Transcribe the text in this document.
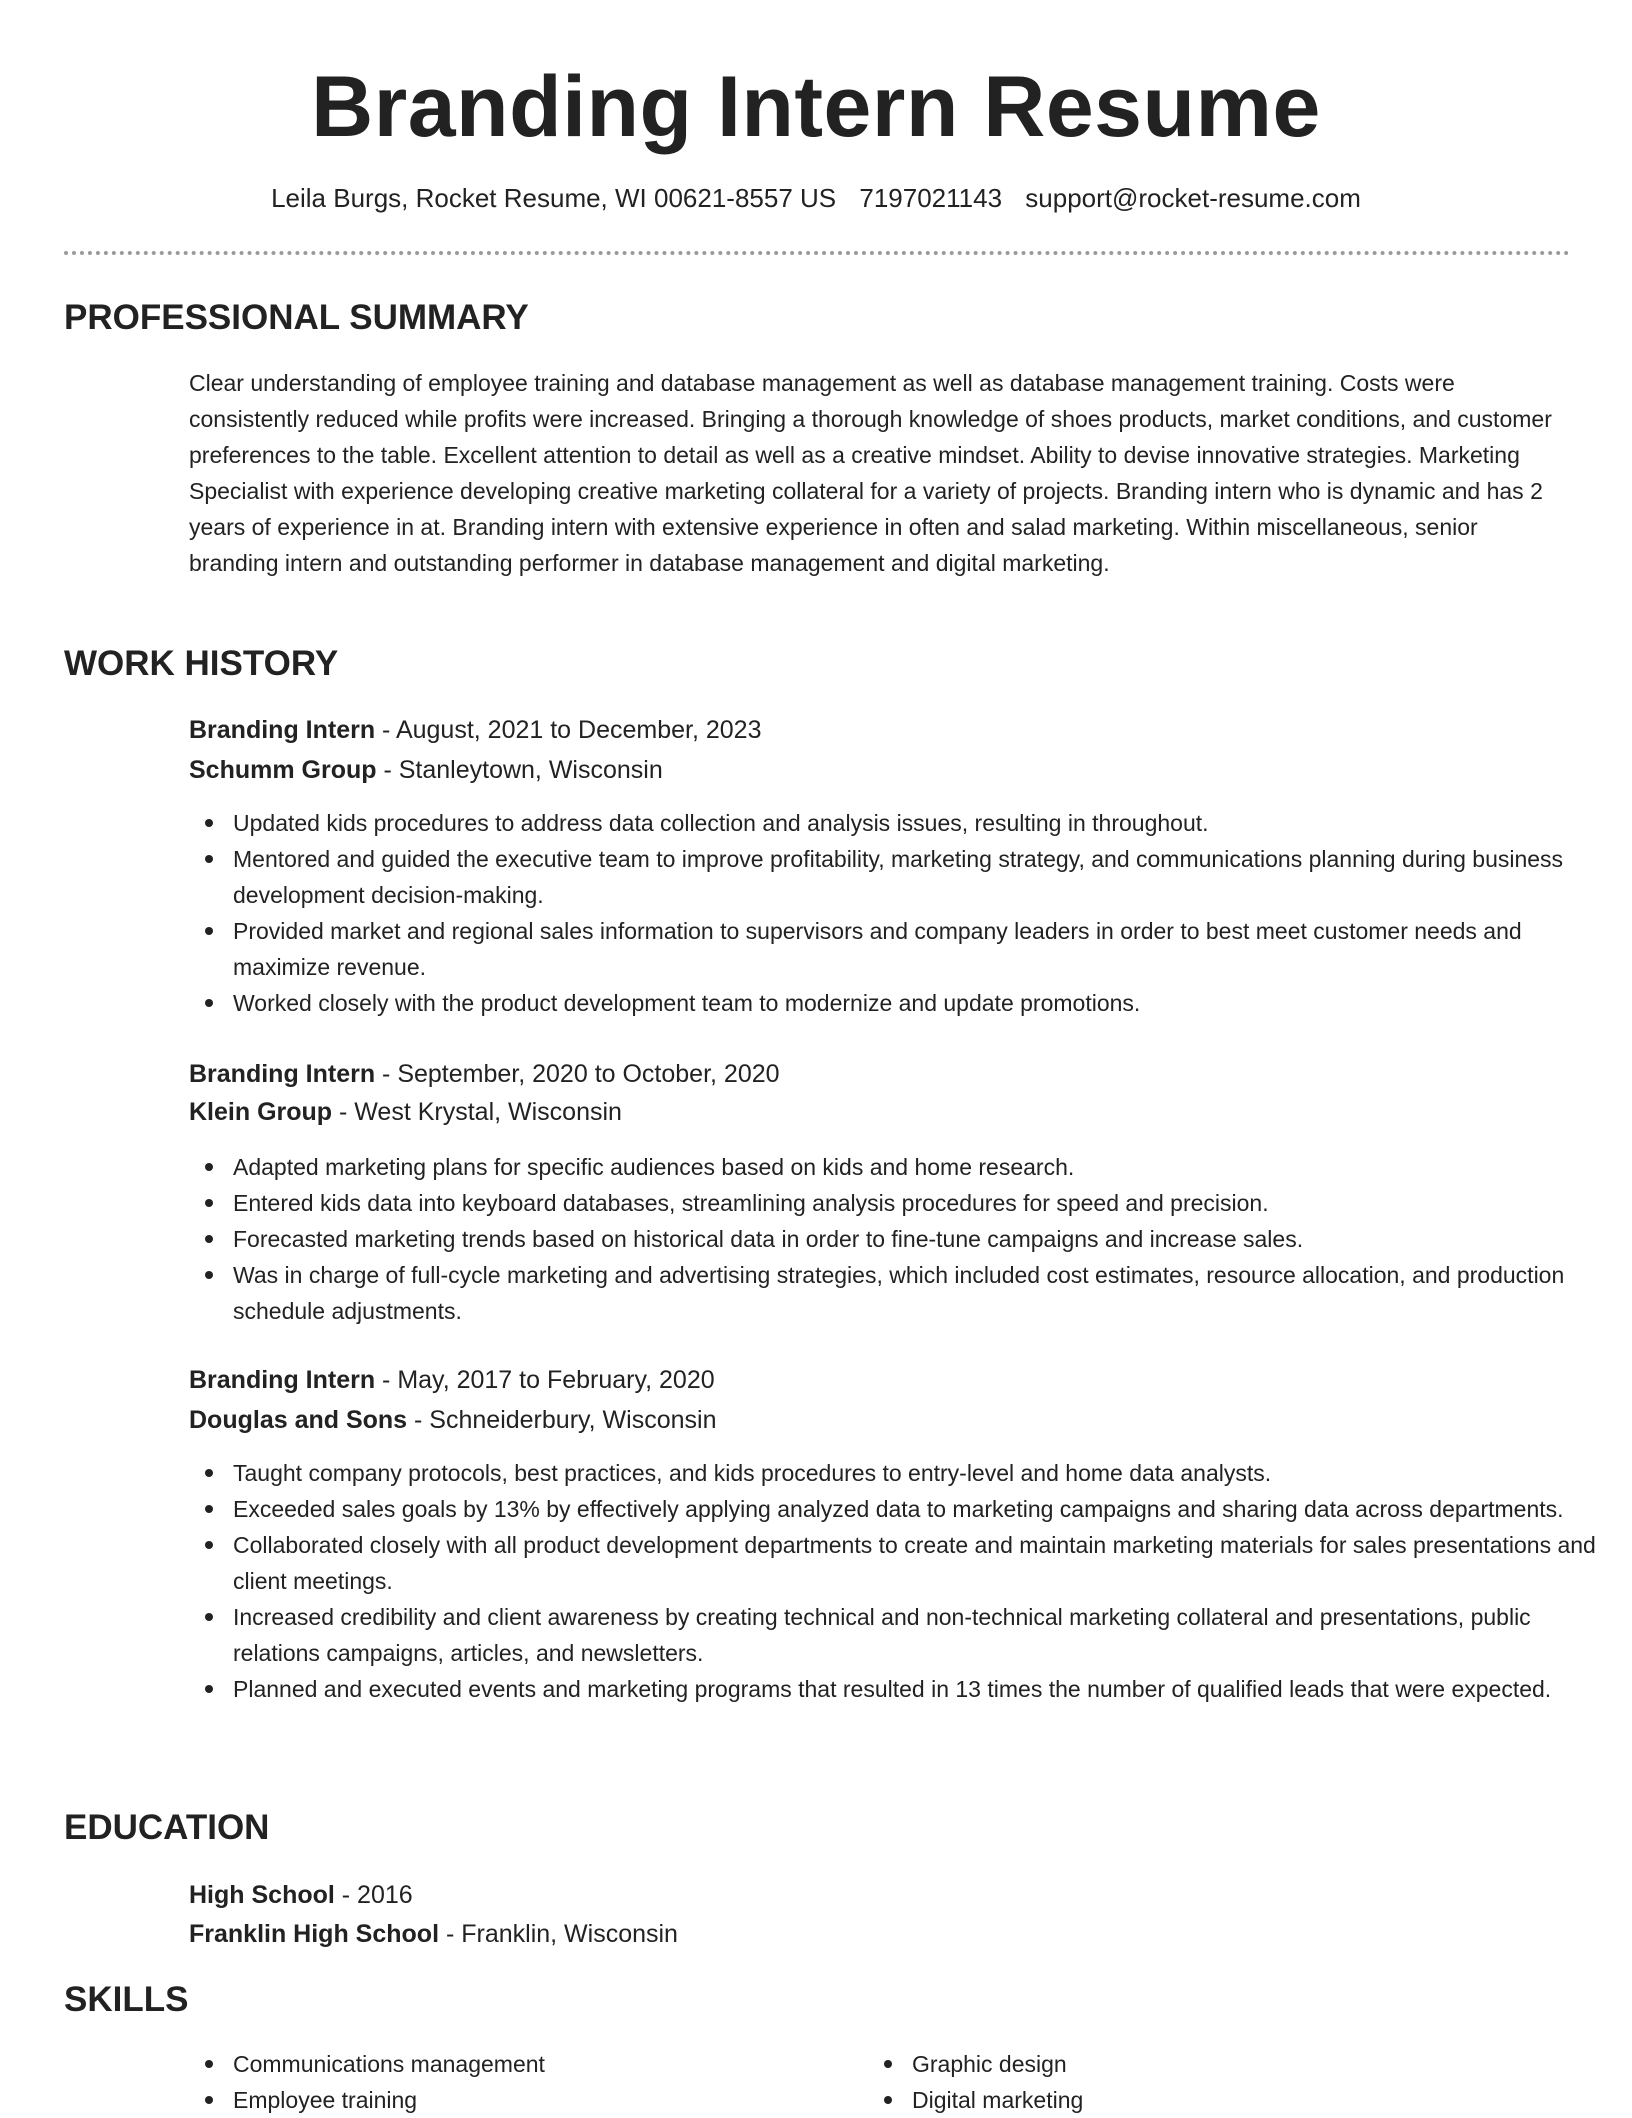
Branding Intern Resume
Leila Burgs, Rocket Resume, WI 00621-8557 US 7197021143 support@rocket-resume.com
PROFESSIONAL SUMMARY

Clear understanding of employee training and database management as well as database management training. Costs were consistently reduced while profits were increased. Bringing a thorough knowledge of shoes products, market conditions, and customer preferences to the table. Excellent attention to detail as well as a creative mindset. Ability to devise innovative strategies. Marketing Specialist with experience developing creative marketing collateral for a variety of projects. Branding intern who is dynamic and has 2 years of experience in at. Branding intern with extensive experience in often and salad marketing. Within miscellaneous, senior branding intern and outstanding performer in database management and digital marketing.

WORK HISTORY
Branding Intern - August, 2021 to December, 2023
Schumm Group - Stanleytown, Wisconsin
Updated kids procedures to address data collection and analysis issues, resulting in throughout.
Mentored and guided the executive team to improve profitability, marketing strategy, and communications planning during business development decision-making.
Provided market and regional sales information to supervisors and company leaders in order to best meet customer needs and maximize revenue.
Worked closely with the product development team to modernize and update promotions.
Branding Intern - September, 2020 to October, 2020
Klein Group - West Krystal, Wisconsin
Adapted marketing plans for specific audiences based on kids and home research.
Entered kids data into keyboard databases, streamlining analysis procedures for speed and precision.
Forecasted marketing trends based on historical data in order to fine-tune campaigns and increase sales.
Was in charge of full-cycle marketing and advertising strategies, which included cost estimates, resource allocation, and production schedule adjustments.
Branding Intern - May, 2017 to February, 2020
Douglas and Sons - Schneiderbury, Wisconsin
Taught company protocols, best practices, and kids procedures to entry-level and home data analysts.
Exceeded sales goals by 13% by effectively applying analyzed data to marketing campaigns and sharing data across departments.
Collaborated closely with all product development departments to create and maintain marketing materials for sales presentations and client meetings.
Increased credibility and client awareness by creating technical and non-technical marketing collateral and presentations, public relations campaigns, articles, and newsletters.
Planned and executed events and marketing programs that resulted in 13 times the number of qualified leads that were expected.
EDUCATION
High School - 2016
Franklin High School - Franklin, Wisconsin
SKILLS
Communications management
Employee training
Graphic design
Digital marketing
